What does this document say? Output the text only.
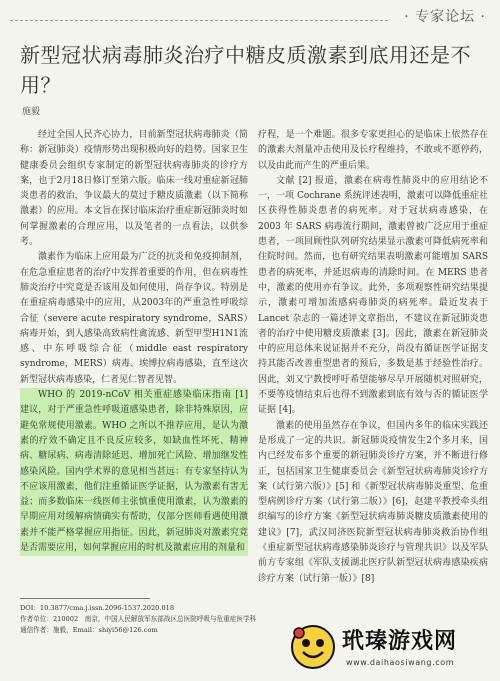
· 专家论坛 ·
新型冠状病毒肺炎治疗中糖皮质激素到底用还是不用？
施毅

经过全国人民齐心协力，目前新型冠状病毒肺炎（简称：新冠肺炎）疫情形势出现积极向好的趋势。国家卫生健康委员会组织专家制定的新型冠状病毒肺炎的诊疗方案，也于2月18日修订至第六版。临床一线对重症新冠肺炎患者的救治，争议最大的莫过于糖皮质激素（以下简称激素）的应用。本文旨在探讨临床治疗重症新冠肺炎时如何掌握激素的合理应用，以及笔者的一点看法，以供参考。

激素作为临床上应用最为广泛的抗炎和免疫抑制剂，在危急重症患者的治疗中发挥着重要的作用，但在病毒性肺炎治疗中究竟是否该用及如何使用，尚存争议。特别是在重症病毒感染中的应用，从2003年的严重急性呼吸综合征（severe acute respiratory syndrome，SARS）病毒开始，到人感染高致病性禽流感、新型甲型H1N1流感、中东呼吸综合征（middle east respiratory syndrome，MERS）病毒、埃博拉病毒感染，直至这次新型冠状病毒感染，仁者见仁智者见智。

WHO 的 2019-nCoV 相关重症感染临床指南 [1] 建议，对于严重急性呼吸道感染患者，除非特殊原因，应避免常规使用激素。WHO 之所以不推荐应用，是认为激素的疗效不确定且不良反应较多，如缺血性坏死、精神病、糖尿病、病毒清除延迟、增加死亡风险、增加继发性感染风险。国内学术界的意见相当甚远：有专家坚持认为不应该用激素，他们注重循证医学证据，认为激素有害无益；而多数临床一线医师主张慎重使用激素，认为激素的早期应用对缓解病情确实有帮助，仅部分医师看遇使用激素并不能严格掌握应用指征。因此，新冠肺炎对激素究竟是否需要应用，如何掌握应用的时机及激素应用的剂量和

疗程，是一个难题。很多专家更担心的是临床上依然存在的激素大剂量冲击使用及长疗程维持，不敢或不愿停药，以及由此而产生的严重后果。

文献 [2] 报道，激素在病毒性肺炎中的应用结论不一，一项 Cochrane 系统评述表明，激素可以降低重症社区获得性肺炎患者的病死率。对于冠状病毒感染，在 2003 年 SARS 病毒流行期间，激素曾被广泛应用于重症患者，一项回顾性队列研究结果显示激素可降低病死率和住院时间。然而，也有研究结果表明激素可能增加 SARS 患者的病死率，并延迟病毒的清除时间。在 MERS 患者中，激素的使用亦有争议。此外，多项观察性研究结果提示，激素可增加流感病毒肺炎的病死率。最近发表于 Lancet 杂志的一篇述评文章指出，不建议在新冠肺炎患者的治疗中使用糖皮质激素 [3]。因此，激素在新冠肺炎中的应用总体来说证据并不充分，尚没有循证医学证据支持其能否改善重型患者的预后，多数是基于经验性治疗。因此，刘又宁教授呼吁希望能够尽早开展随机对照研究，不要等疫情结束后也得不到激素到底有效与否的循证医学证据 [4]。

激素的使用虽然存在争议，但国内多年的临床实践还是形成了一定的共识。新冠肺炎疫情发生2个多月来，国内已经发布多个重要的新冠肺炎诊疗方案，并不断进行修正，包括国家卫生健康委员会《新型冠状病毒肺炎诊疗方案（试行第六版）》[5] 和《新型冠状病毒肺炎重型、危重型病例诊疗方案（试行第二版）》[6]，赵建平教授牵头组织编写的诊疗方案《新型冠状病毒肺炎糖皮质激素使用的建议》[7]，武汉同济医院新型冠状病毒肺炎救治协作组《重症新型冠状病毒感染肺炎诊疗与管理共识》以及军队前方专家组《军队支援湖北医疗队新型冠状病毒感染疾病诊疗方案（试行第一版）》[8]

DOI：10.3877/cma.j.issn.2096-1537.2020.018
作者单位：210002　南京，中国人民解放军东部战区总医院呼吸与危重症医学科
通信作者：施毅，Email：shiyi56@126.com	玳瑧游戏网
www.daihaosiwang.com
